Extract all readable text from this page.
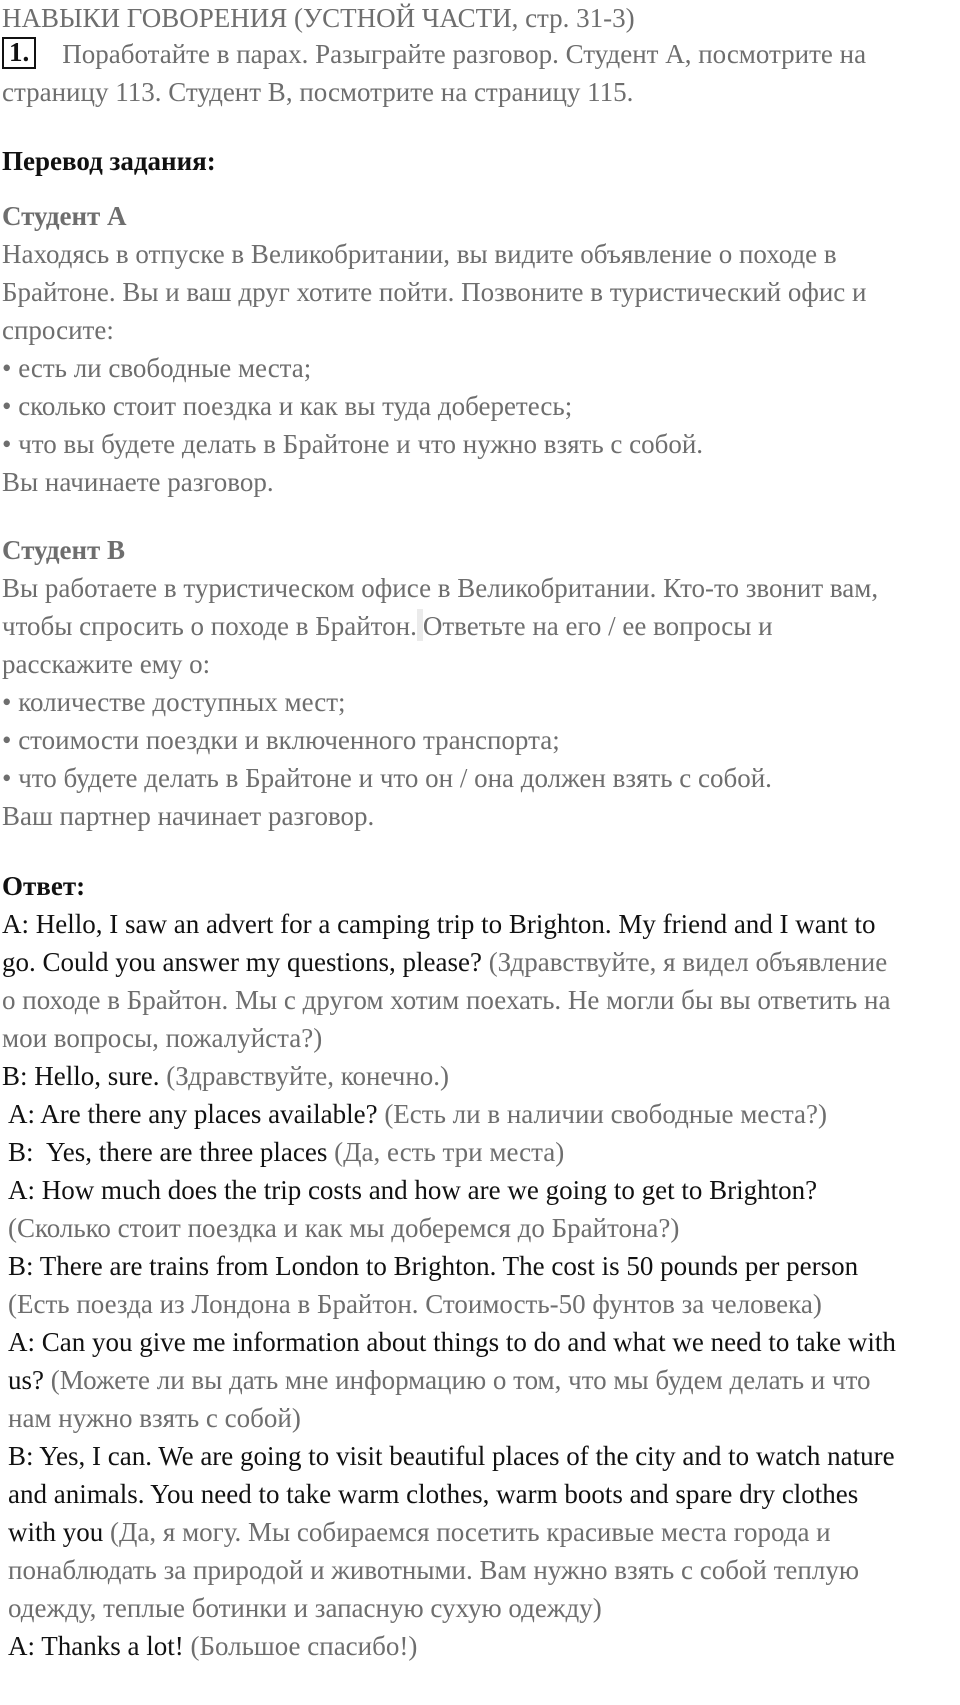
НАВЫКИ ГОВОРЕНИЯ (УСТНОЙ ЧАСТИ, стр. 31-3)
1. Поработайте в парах. Разыграйте разговор. Студент А, посмотрите на
страницу 113. Студент В, посмотрите на страницу 115.
Перевод задания:
Студент А
Находясь в отпуске в Великобритании, вы видите объявление о походе в
Брайтоне. Вы и ваш друг хотите пойти. Позвоните в туристический офис и
спросите:
• есть ли свободные места;
• сколько стоит поездка и как вы туда доберетесь;
• что вы будете делать в Брайтоне и что нужно взять с собой.
Вы начинаете разговор.
Студент В
Вы работаете в туристическом офисе в Великобритании. Кто-то звонит вам,
чтобы спросить о походе в Брайтон. Ответьте на его / ее вопросы и
расскажите ему о:
• количестве доступных мест;
• стоимости поездки и включенного транспорта;
• что будете делать в Брайтоне и что он / она должен взять с собой.
Ваш партнер начинает разговор.
Ответ:
A: Hello, I saw an advert for a camping trip to Brighton. My friend and I want to
go. Could you answer my questions, please? (Здравствуйте, я видел объявление
о походе в Брайтон. Мы с другом хотим поехать. Не могли бы вы ответить на
мои вопросы, пожалуйста?)
B: Hello, sure. (Здравствуйте, конечно.)
A: Are there any places available? (Есть ли в наличии свободные места?)
B:  Yes, there are three places (Да, есть три места)
A: How much does the trip costs and how are we going to get to Brighton?
(Сколько стоит поездка и как мы доберемся до Брайтона?)
B: There are trains from London to Brighton. The cost is 50 pounds per person
(Есть поезда из Лондона в Брайтон. Стоимость-50 фунтов за человека)
A: Can you give me information about things to do and what we need to take with
us? (Можете ли вы дать мне информацию о том, что мы будем делать и что
нам нужно взять с собой)
B: Yes, I can. We are going to visit beautiful places of the city and to watch nature
and animals. You need to take warm clothes, warm boots and spare dry clothes
with you (Да, я могу. Мы собираемся посетить красивые места города и
понаблюдать за природой и животными. Вам нужно взять с собой теплую
одежду, теплые ботинки и запасную сухую одежду)
A: Thanks a lot! (Большое спасибо!)
